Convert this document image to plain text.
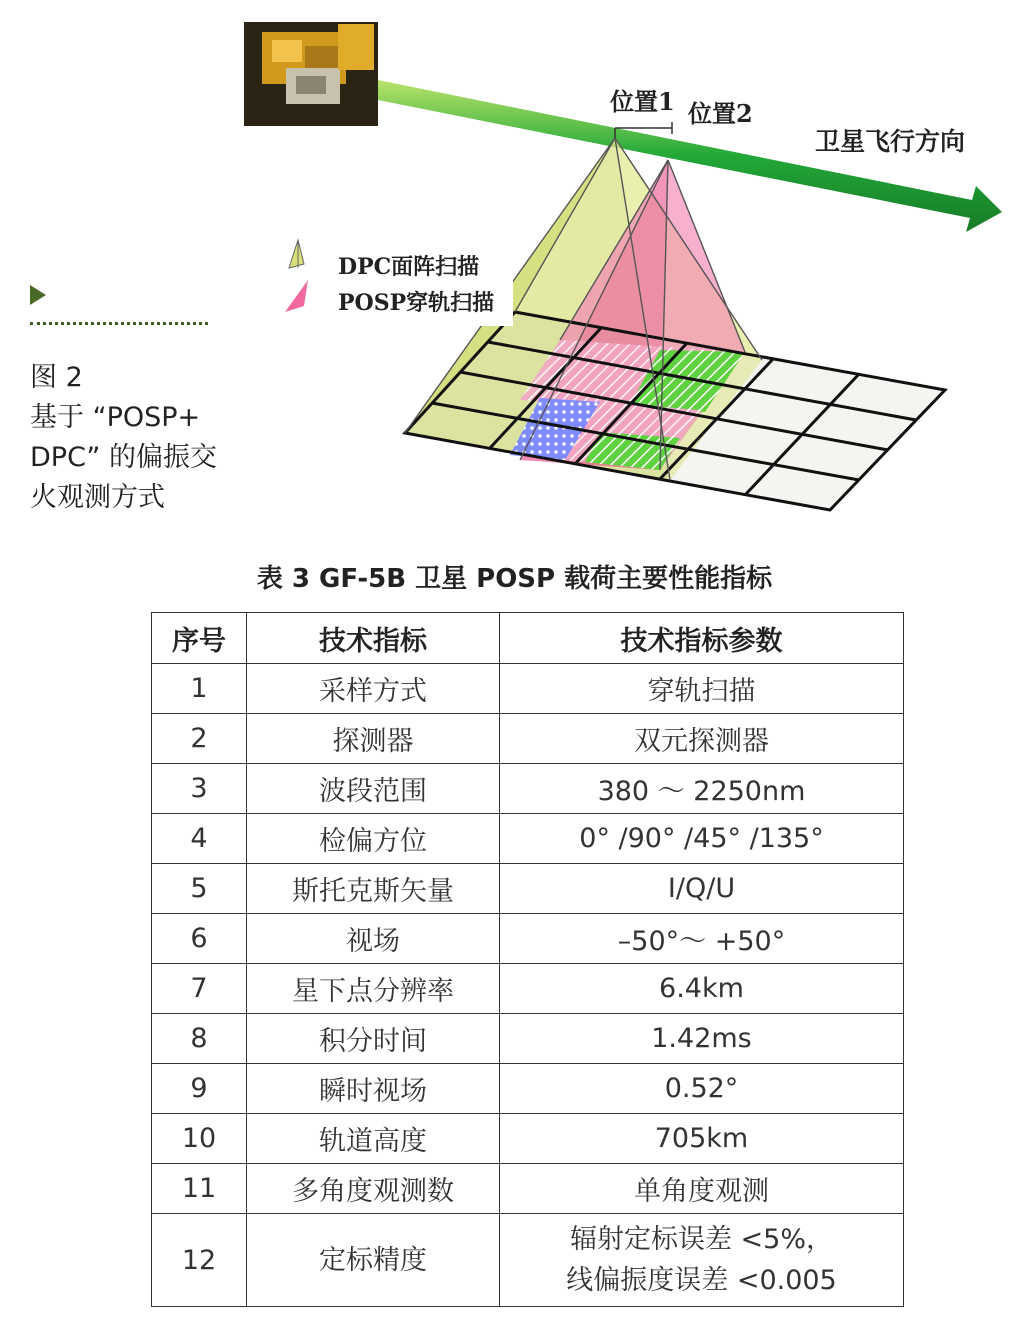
位置1 位置2
卫星飞行方向
DPC面阵扫描
POSP穿轨扫描
图 2
基于 “POSP+
DPC” 的偏振交
火观测方式
表 3 GF-5B 卫星 POSP 载荷主要性能指标
序号	技术指标	技术指标参数
1	采样方式	穿轨扫描
2	探测器	双元探测器
3	波段范围	380 ～ 2250nm
4	检偏方位	0° /90° /45° /135°
5	斯托克斯矢量	I/Q/U
6	视场	–50°～ +50°
7	星下点分辨率	6.4km
8	积分时间	1.42ms
9	瞬时视场	0.52°
10	轨道高度	705km
11	多角度观测数	单角度观测
12	定标精度	辐射定标误差 <5%，
线偏振度误差 <0.005
